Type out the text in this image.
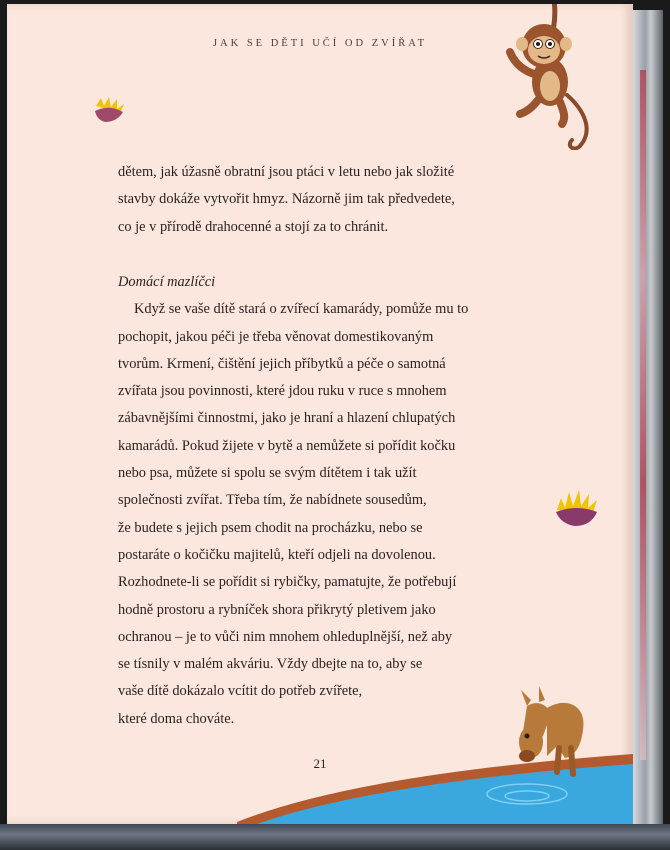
JAK SE DĚTI UČÍ OD ZVÍŘAT
dětem, jak úžasně obratní jsou ptáci v letu nebo jak složité
stavby dokáže vytvořit hmyz. Názorně jim tak předvedete,
co je v přírodě drahocenné a stojí za to chránit.
Domácí mazlíčci
Když se vaše dítě stará o zvířecí kamarády, pomůže mu to
pochopit, jakou péči je třeba věnovat domestikovaným
tvorům. Krmení, čištění jejich příbytků a péče o samotná
zvířata jsou povinnosti, které jdou ruku v ruce s mnohem
zábavnějšími činnostmi, jako je hraní a hlazení chlupatých
kamarádů. Pokud žijete v bytě a nemůžete si pořídit kočku
nebo psa, můžete si spolu se svým dítětem i tak užít
společnosti zvířat. Třeba tím, že nabídnete sousedům,
že budete s jejich psem chodit na procházku, nebo se
postaráte o kočičku majitelů, kteří odjeli na dovolenou.
Rozhodnete-li se pořídit si rybičky, pamatujte, že potřebují
hodně prostoru a rybníček shora přikrytý pletivem jako
ochranou – je to vůči nim mnohem ohleduplnější, než aby
se tísnily v malém akváriu. Vždy dbejte na to, aby se
vaše dítě dokázalo vcítit do potřeb zvířete,
které doma chováte.
21
